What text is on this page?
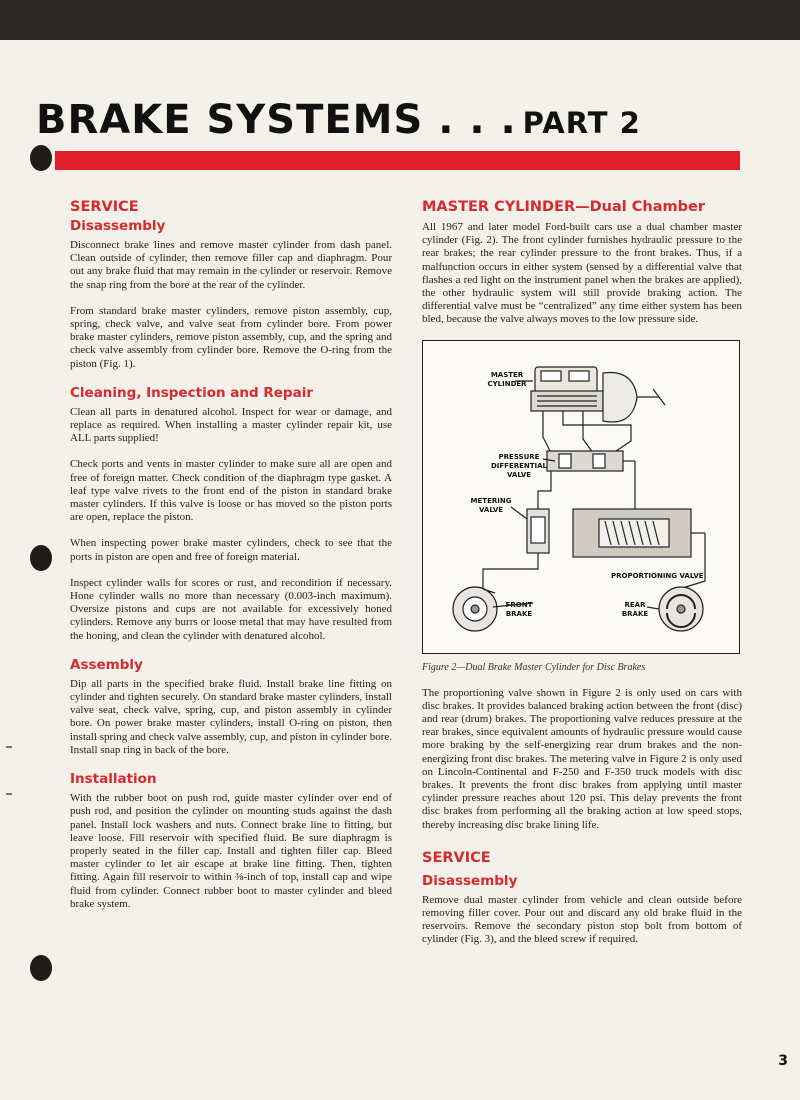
BRAKE SYSTEMS . . . PART 2
SERVICE
Disassembly

Disconnect brake lines and remove master cylinder from dash panel. Clean outside of cylinder, then remove filler cap and diaphragm. Pour out any brake fluid that may remain in the cylinder or reservoir. Remove the snap ring from the bore at the rear of the cylinder.

From standard brake master cylinders, remove piston assembly, cup, spring, check valve, and valve seat from cylinder bore. From power brake master cylinders, remove piston assembly, cup, and the spring and check valve assembly from cylinder bore. Remove the O-ring from the piston (Fig. 1).

Cleaning, Inspection and Repair

Clean all parts in denatured alcohol. Inspect for wear or damage, and replace as required. When installing a master cylinder repair kit, use ALL parts supplied!

Check ports and vents in master cylinder to make sure all are open and free of foreign matter. Check condition of the diaphragm type gasket. A leaf type valve rivets to the front end of the piston in standard brake master cylinders. If this valve is loose or has moved so the piston ports are open, replace the piston.

When inspecting power brake master cylinders, check to see that the ports in piston are open and free of foreign material.

Inspect cylinder walls for scores or rust, and recondition if necessary. Hone cylinder walls no more than necessary (0.003-inch maximum). Oversize pistons and cups are not available for excessively honed cylinders. Remove any burrs or loose metal that may have resulted from the honing, and clean the cylinder with denatured alcohol.

Assembly

Dip all parts in the specified brake fluid. Install brake line fitting on cylinder and tighten securely. On standard brake master cylinders, install valve seat, check valve, spring, cup, and piston assembly in cylinder bore. On power brake master cylinders, install O-ring on piston, then install spring and check valve assembly, cup, and piston in cylinder bore. Install snap ring in back of the bore.

Installation

With the rubber boot on push rod, guide master cylinder over end of push rod, and position the cylinder on mounting studs against the dash panel. Install lock washers and nuts. Connect brake line to fitting, but leave loose. Fill reservoir with specified fluid. Be sure diaphragm is properly seated in the filler cap. Install and tighten filler cap. Bleed master cylinder to let air escape at brake line fitting. Then, tighten fitting. Again fill reservoir to within ⅜-inch of top, install cap and wipe fluid from cylinder. Connect rubber boot to master cylinder and bleed brake system.

MASTER CYLINDER—Dual Chamber

All 1967 and later model Ford-built cars use a dual chamber master cylinder (Fig. 2). The front cylinder furnishes hydraulic pressure to the rear brakes; the rear cylinder pressure to the front brakes. Thus, if a malfunction occurs in either system (sensed by a differential valve that flashes a red light on the instrument panel when the brakes are applied), the other hydraulic system will still provide braking action. The differential valve must be “centralized” any time either system has been bled, because the valve always moves to the low pressure side.

MASTER
CYLINDER
PRESSURE
DIFFERENTIAL
VALVE
METERING
VALVE
PROPORTIONING VALVE
FRONT
BRAKE
REAR
BRAKE
Figure 2—Dual Brake Master Cylinder for Disc Brakes

The proportioning valve shown in Figure 2 is only used on cars with disc brakes. It provides balanced braking action between the front (disc) and rear (drum) brakes. The proportioning valve reduces pressure at the rear brakes, since equivalent amounts of hydraulic pressure would cause more braking by the self-energizing rear drum brakes and the non-energizing front disc brakes. The metering valve in Figure 2 is only used on Lincoln-Continental and F-250 and F-350 truck models with disc brakes. It prevents the front disc brakes from applying until master cylinder pressure reaches about 120 psi. This delay prevents the front disc brakes from performing all the braking action at low speed stops, thereby increasing disc brake lining life.

SERVICE
Disassembly

Remove dual master cylinder from vehicle and clean outside before removing filler cover. Pour out and discard any old brake fluid in the reservoirs. Remove the secondary piston stop bolt from bottom of cylinder (Fig. 3), and the bleed screw if required.

3
